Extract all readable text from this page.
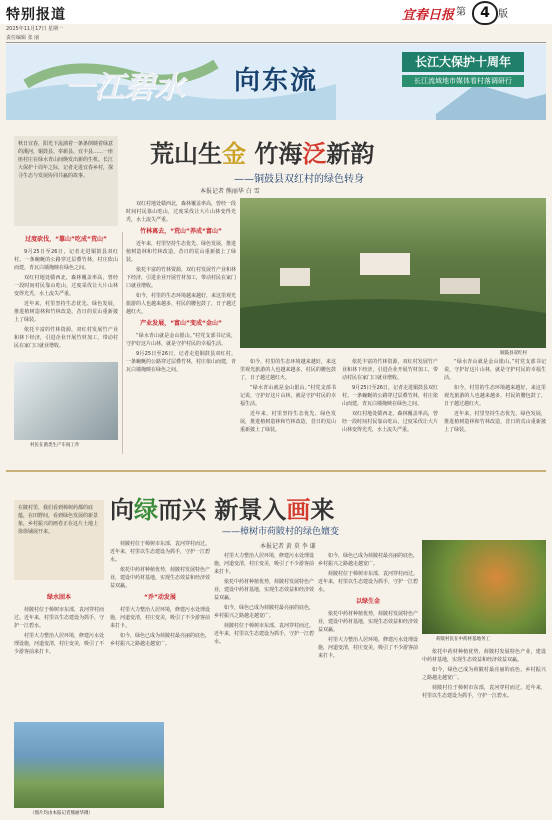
特别报道	宜春日报 第	4 版
2025年11月17日 星期一
责任编辑 张 丽
一江碧水 向东流
长江大保护十周年
长江流域地市媒体看村落调研行
秋日宜春，阳光下流淌着一条条倒映着绿意的溪河，铜鼓县、奉新县、宜丰县……一座座村庄在绿水青山间焕发出新的生机。长江大保护十周年之际，记者走进宜春乡村，探寻生态与发展协同共赢的故事。
荒山生金 竹海泛新韵
——铜鼓县双红村的绿色转身
本报记者 熊丽华 白 雪
过度砍伐，“靠山”吃成“荒山”

9月25日至26日，记者走进铜鼓县双红村。一条蜿蜒的公路穿过层叠竹林，村庄依山而建，青瓦白墙掩映在绿色之间。

双红村地处赣西北，森林覆盖率高，曾经一段时间村民靠山吃山，过度采伐让大片山林变得光秃，水土流失严重。

近年来，村里坚持生态优先、绿色发展，推进植树造林和竹林改造，昔日的荒山重新披上了绿装。

依托丰富的竹林资源，双红村发展竹产业和林下经济，引进企业开展竹材加工，带动村民在家门口就业增收。

村民在菌类生产车间工作

双红村地处赣西北，森林覆盖率高，曾经一段时间村民靠山吃山，过度采伐让大片山林变得光秃，水土流失严重。

竹林离去，“荒山”养成“富山”

近年来，村里坚持生态优先、绿色发展，推进植树造林和竹林改造，昔日的荒山重新披上了绿装。

依托丰富的竹林资源，双红村发展竹产业和林下经济，引进企业开展竹材加工，带动村民在家门口就业增收。

如今，村里的生态环境越来越好，来这里观光旅游的人也越来越多，村民的腰包鼓了，日子越过越红火。

产业发展，“富山”变成“金山”

“绿水青山就是金山银山。”村党支部书记说，守护好这片山林，就是守护村民的幸福生活。

9月25日至26日，记者走进铜鼓县双红村。一条蜿蜒的公路穿过层叠竹林，村庄依山而建，青瓦白墙掩映在绿色之间。

铜鼓县双红村

如今，村里的生态环境越来越好，来这里观光旅游的人也越来越多，村民的腰包鼓了，日子越过越红火。

“绿水青山就是金山银山。”村党支部书记说，守护好这片山林，就是守护村民的幸福生活。

近年来，村里坚持生态优先、绿色发展，推进植树造林和竹林改造，昔日的荒山重新披上了绿装。

依托丰富的竹林资源，双红村发展竹产业和林下经济，引进企业开展竹材加工，带动村民在家门口就业增收。

9月25日至26日，记者走进铜鼓县双红村。一条蜿蜒的公路穿过层叠竹林，村庄依山而建，青瓦白墙掩映在绿色之间。

双红村地处赣西北，森林覆盖率高，曾经一段时间村民靠山吃山，过度采伐让大片山林变得光秃，水土流失严重。

“绿水青山就是金山银山。”村党支部书记说，守护好这片山林，就是守护村民的幸福生活。

如今，村里的生态环境越来越好，来这里观光旅游的人也越来越多，村民的腰包鼓了，日子越过越红火。

近年来，村里坚持生态优先、绿色发展，推进植树造林和竹林改造，昔日的荒山重新披上了绿装。

在陂村里，我们看到樟树药都的底蕴，在田野间，看到绿色发展的新景象，乡村振兴的画卷正在这片土地上徐徐铺展开来。
向绿而兴 新景入画来
——樟树市荷陂村的绿色嬗变
本报记者 黄 莫 李 谦
绿水固本

荷陂村位于樟树市东部，袁河穿村而过。近年来，村里以生态建设为抓手，守护一江碧水。

村里大力整治人居环境，修建污水处理设施，河道变清，村庄变美，吸引了不少游客前来打卡。

（图片均由本报记者熊丽华摄）

荷陂村位于樟树市东部，袁河穿村而过。近年来，村里以生态建设为抓手，守护一江碧水。

依托中药材种植优势，荷陂村发展特色产业，建设中药材基地，实现生态效益和经济效益双赢。

“乔”动发展

村里大力整治人居环境，修建污水处理设施，河道变清，村庄变美，吸引了不少游客前来打卡。

如今，绿色已成为荷陂村最亮丽的底色，乡村振兴之路越走越宽广。

村里大力整治人居环境，修建污水处理设施，河道变清，村庄变美，吸引了不少游客前来打卡。

依托中药材种植优势，荷陂村发展特色产业，建设中药材基地，实现生态效益和经济效益双赢。

如今，绿色已成为荷陂村最亮丽的底色，乡村振兴之路越走越宽广。

荷陂村位于樟树市东部，袁河穿村而过。近年来，村里以生态建设为抓手，守护一江碧水。

如今，绿色已成为荷陂村最亮丽的底色，乡村振兴之路越走越宽广。

荷陂村位于樟树市东部，袁河穿村而过。近年来，村里以生态建设为抓手，守护一江碧水。

以绿生金

依托中药材种植优势，荷陂村发展特色产业，建设中药材基地，实现生态效益和经济效益双赢。

村里大力整治人居环境，修建污水处理设施，河道变清，村庄变美，吸引了不少游客前来打卡。

荷陂村民在中药材基地务工

依托中药材种植优势，荷陂村发展特色产业，建设中药材基地，实现生态效益和经济效益双赢。

如今，绿色已成为荷陂村最亮丽的底色，乡村振兴之路越走越宽广。

荷陂村位于樟树市东部，袁河穿村而过。近年来，村里以生态建设为抓手，守护一江碧水。
